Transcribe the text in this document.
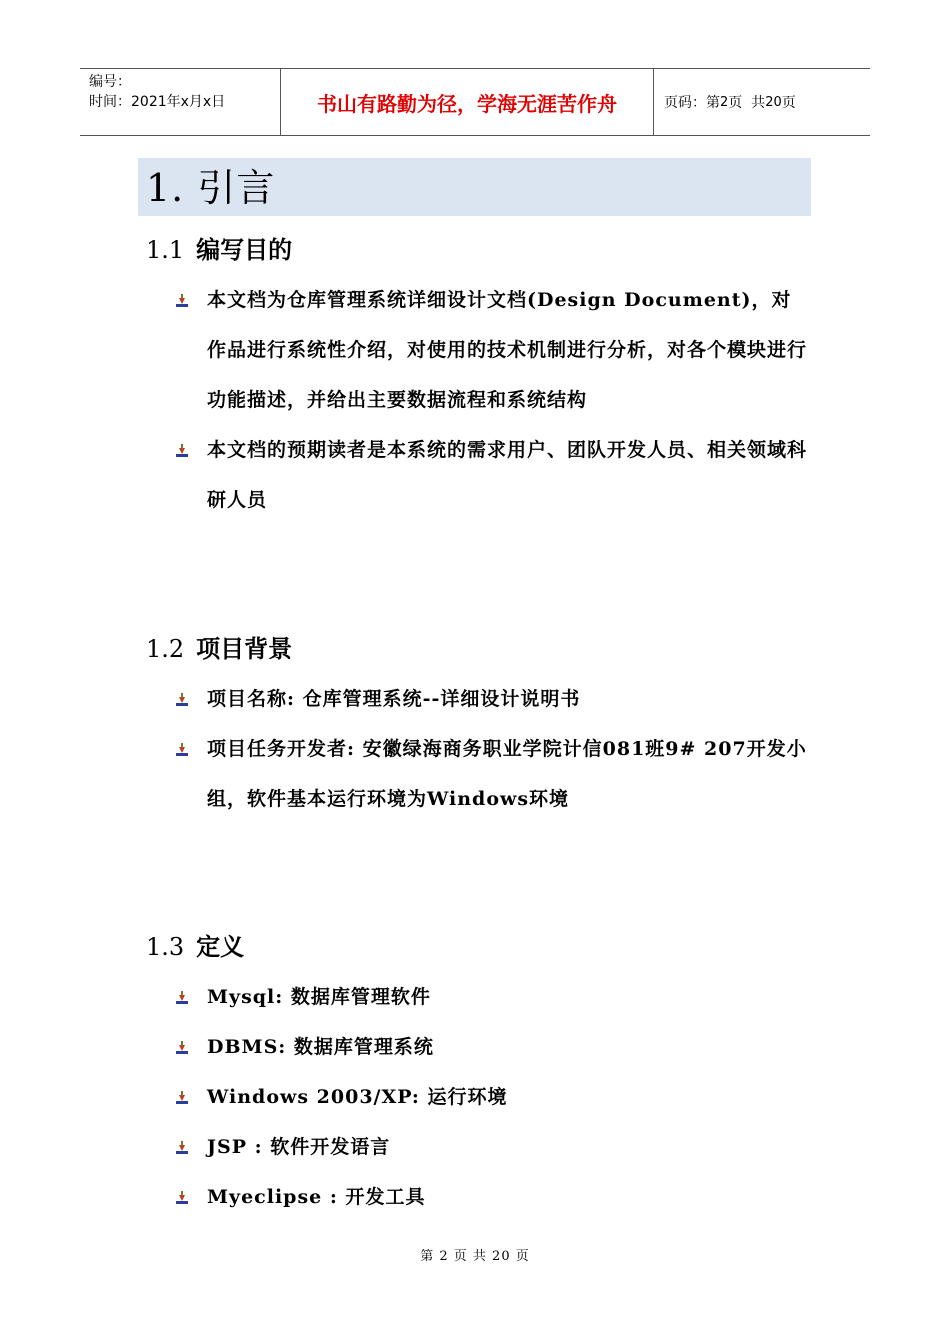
编号：
时间：2021年x月x日	书山有路勤为径，学海无涯苦作舟	页码：第 2 页  共 20 页
1. 引言
1.1 编写目的
本文档为仓库管理系统详细设计文档(Design Document)，对作品进行系统性介绍，对使用的技术机制进行分析，对各个模块进行功能描述，并给出主要数据流程和系统结构
本文档的预期读者是本系统的需求用户、团队开发人员、相关领域科研人员
1.2 项目背景
项目名称: 仓库管理系统--详细设计说明书
项目任务开发者: 安徽绿海商务职业学院计信081班9# 207开发小组，软件基本运行环境为Windows环境
1.3 定义
Mysql: 数据库管理软件
DBMS: 数据库管理系统
Windows 2003/XP: 运行环境
JSP : 软件开发语言
Myeclipse : 开发工具
第 2 页 共 20 页
